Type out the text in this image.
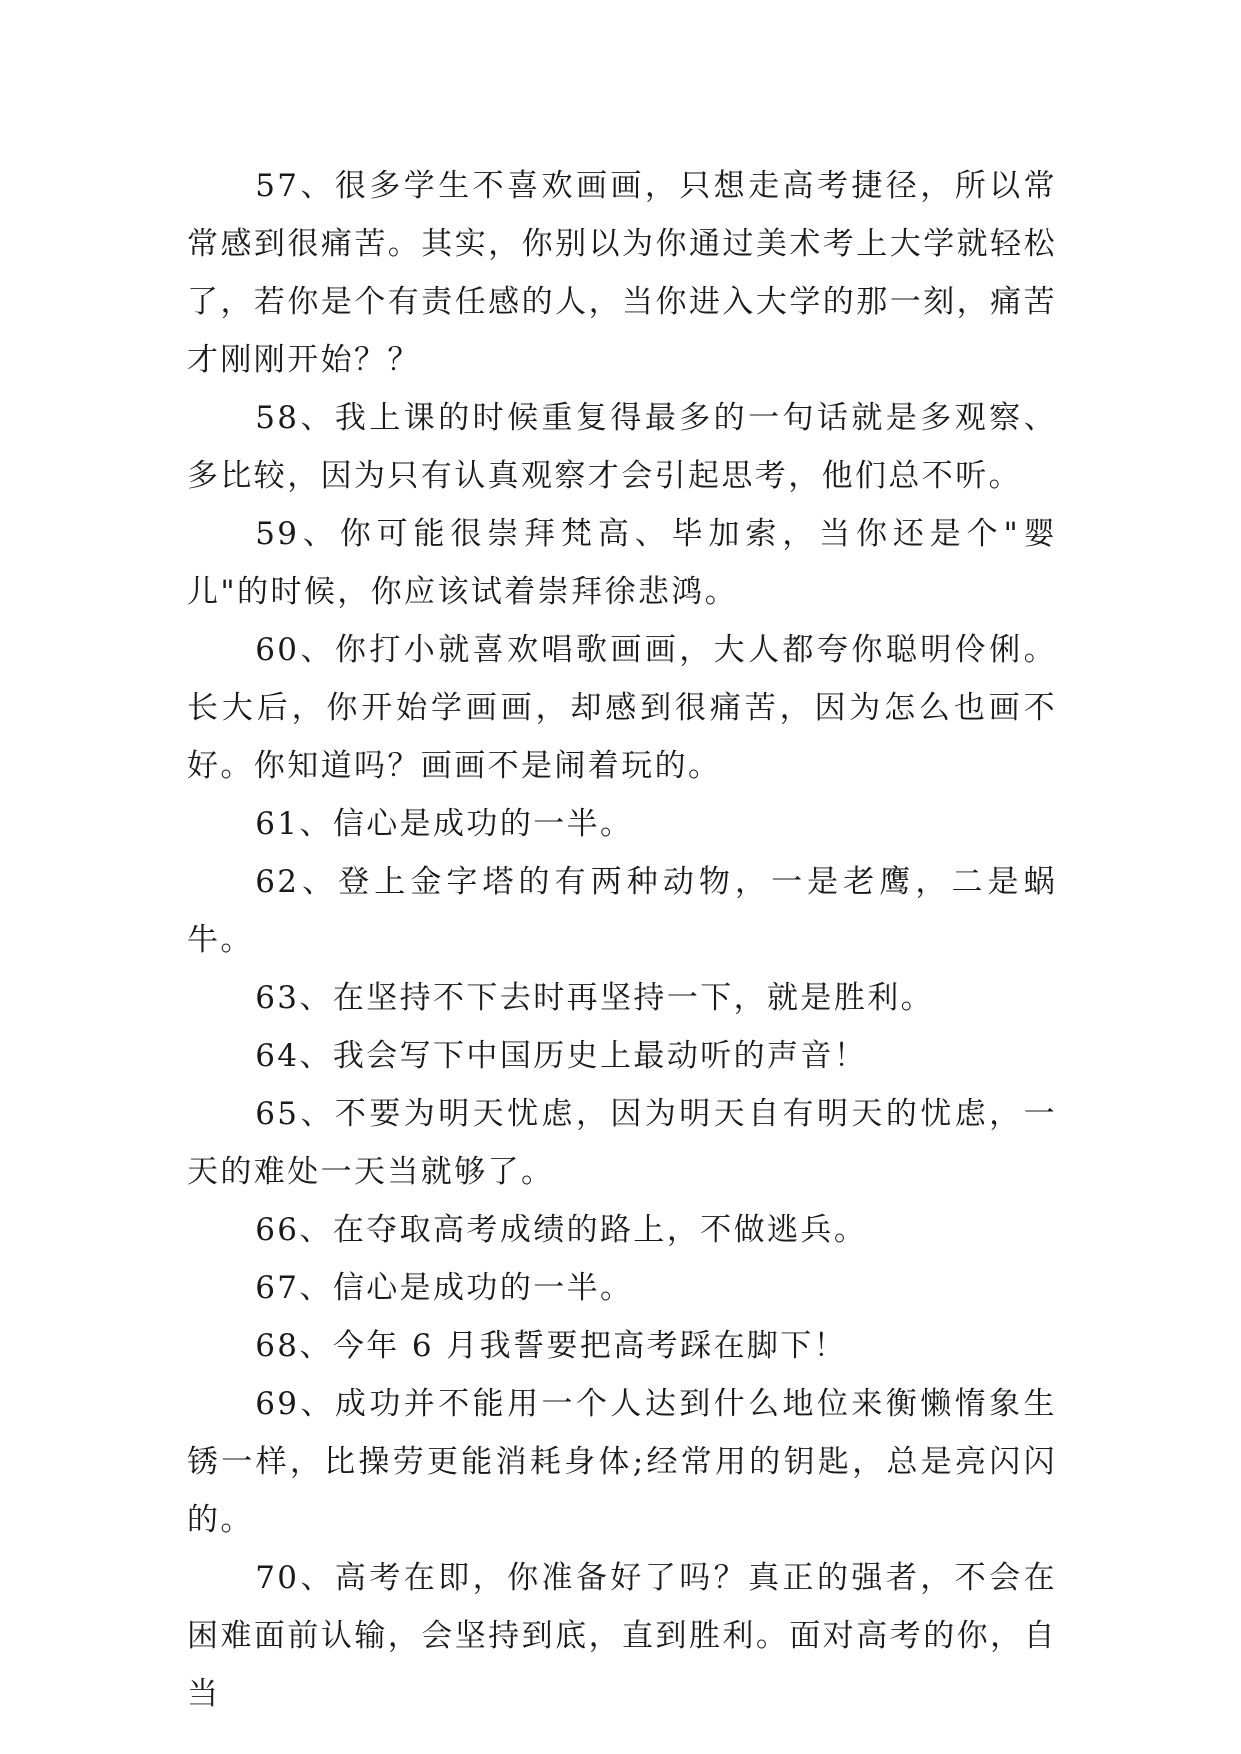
57、很多学生不喜欢画画，只想走高考捷径，所以常常感到很痛苦。其实，你别以为你通过美术考上大学就轻松了，若你是个有责任感的人，当你进入大学的那一刻，痛苦才刚刚开始？？

58、我上课的时候重复得最多的一句话就是多观察、多比较，因为只有认真观察才会引起思考，他们总不听。

59、你可能很崇拜梵高、毕加索，当你还是个"婴儿"的时候，你应该试着崇拜徐悲鸿。

60、你打小就喜欢唱歌画画，大人都夸你聪明伶俐。长大后，你开始学画画，却感到很痛苦，因为怎么也画不好。你知道吗？画画不是闹着玩的。

61、信心是成功的一半。

62、登上金字塔的有两种动物，一是老鹰，二是蜗牛。

63、在坚持不下去时再坚持一下，就是胜利。

64、我会写下中国历史上最动听的声音！

65、不要为明天忧虑，因为明天自有明天的忧虑，一天的难处一天当就够了。

66、在夺取高考成绩的路上，不做逃兵。

67、信心是成功的一半。

68、今年 6 月我誓要把高考踩在脚下！

69、成功并不能用一个人达到什么地位来衡懒惰象生锈一样，比操劳更能消耗身体;经常用的钥匙，总是亮闪闪的。

70、高考在即，你准备好了吗？真正的强者，不会在困难面前认输，会坚持到底，直到胜利。面对高考的你，自当
